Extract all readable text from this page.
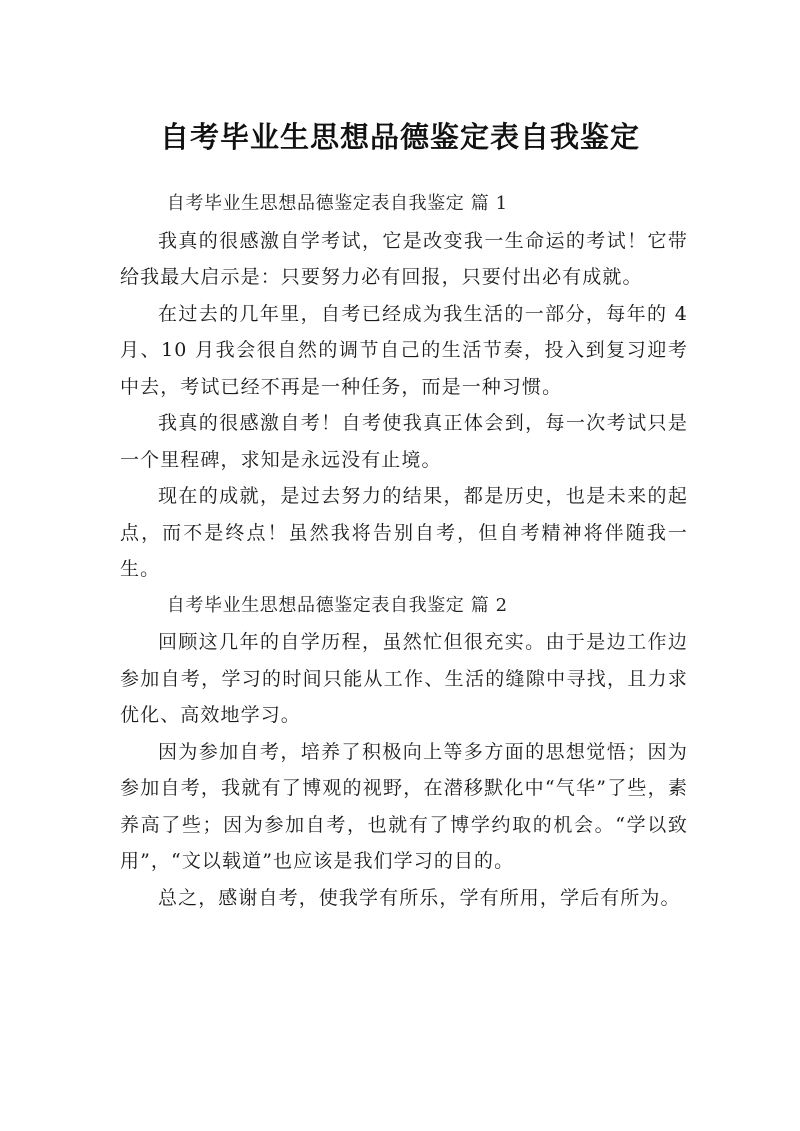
自考毕业生思想品德鉴定表自我鉴定

自考毕业生思想品德鉴定表自我鉴定 篇 1

我真的很感激自学考试，它是改变我一生命运的考试！它带给我最大启示是：只要努力必有回报，只要付出必有成就。

在过去的几年里，自考已经成为我生活的一部分，每年的 4 月、10 月我会很自然的调节自己的生活节奏，投入到复习迎考中去，考试已经不再是一种任务，而是一种习惯。

我真的很感激自考！自考使我真正体会到，每一次考试只是一个里程碑，求知是永远没有止境。

现在的成就，是过去努力的结果，都是历史，也是未来的起点，而不是终点！虽然我将告别自考，但自考精神将伴随我一生。

自考毕业生思想品德鉴定表自我鉴定 篇 2

回顾这几年的自学历程，虽然忙但很充实。由于是边工作边参加自考，学习的时间只能从工作、生活的缝隙中寻找，且力求优化、高效地学习。

因为参加自考，培养了积极向上等多方面的思想觉悟；因为参加自考，我就有了博观的视野，在潜移默化中“气华”了些，素养高了些；因为参加自考，也就有了博学约取的机会。“学以致用”，“文以载道”也应该是我们学习的目的。

总之，感谢自考，使我学有所乐，学有所用，学后有所为。
